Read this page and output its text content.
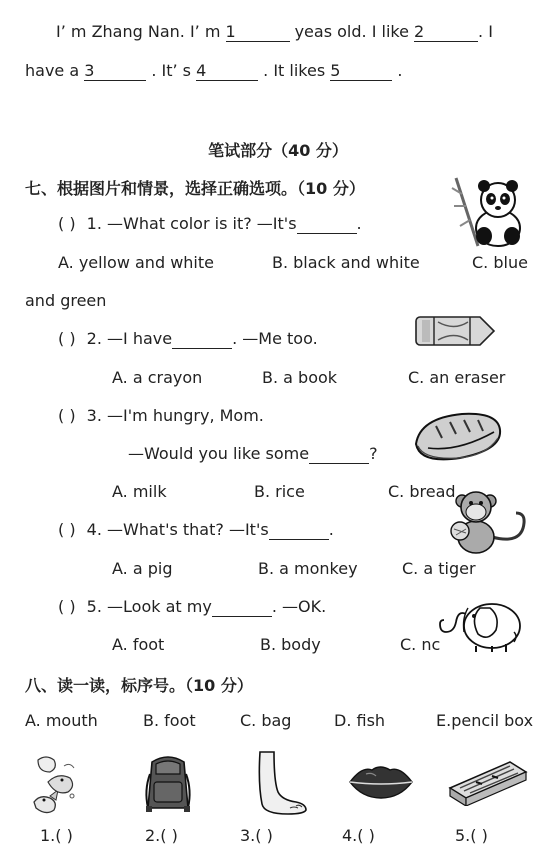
I’ m Zhang Nan. I’ m 1	yeas old. I like 2	. I
have a 3	. It’ s 4	. It likes 5	.
笔试部分（40 分）
七、根据图片和情景，选择正确选项。（10 分）
( ) 1. —What color is it? —It's	.
A. yellow and white	B. black and white	C. blue
and green
( ) 2. —I have	. —Me too.
A. a crayon	B. a book	C. an eraser
( ) 3. —I'm hungry, Mom.
—Would you like some	?
A. milk	B. rice	C. bread
( ) 4. —What's that? —It's	.
A. a pig	B. a monkey	C. a tiger
( ) 5. —Look at my	. —OK.
A. foot	B. body	C. nc
八、读一读，标序号。（10 分）
A. mouth	B. foot	C. bag	D. fish	E.pencil box
1.( )	2.( )	3.( )	4.( )	5.( )
